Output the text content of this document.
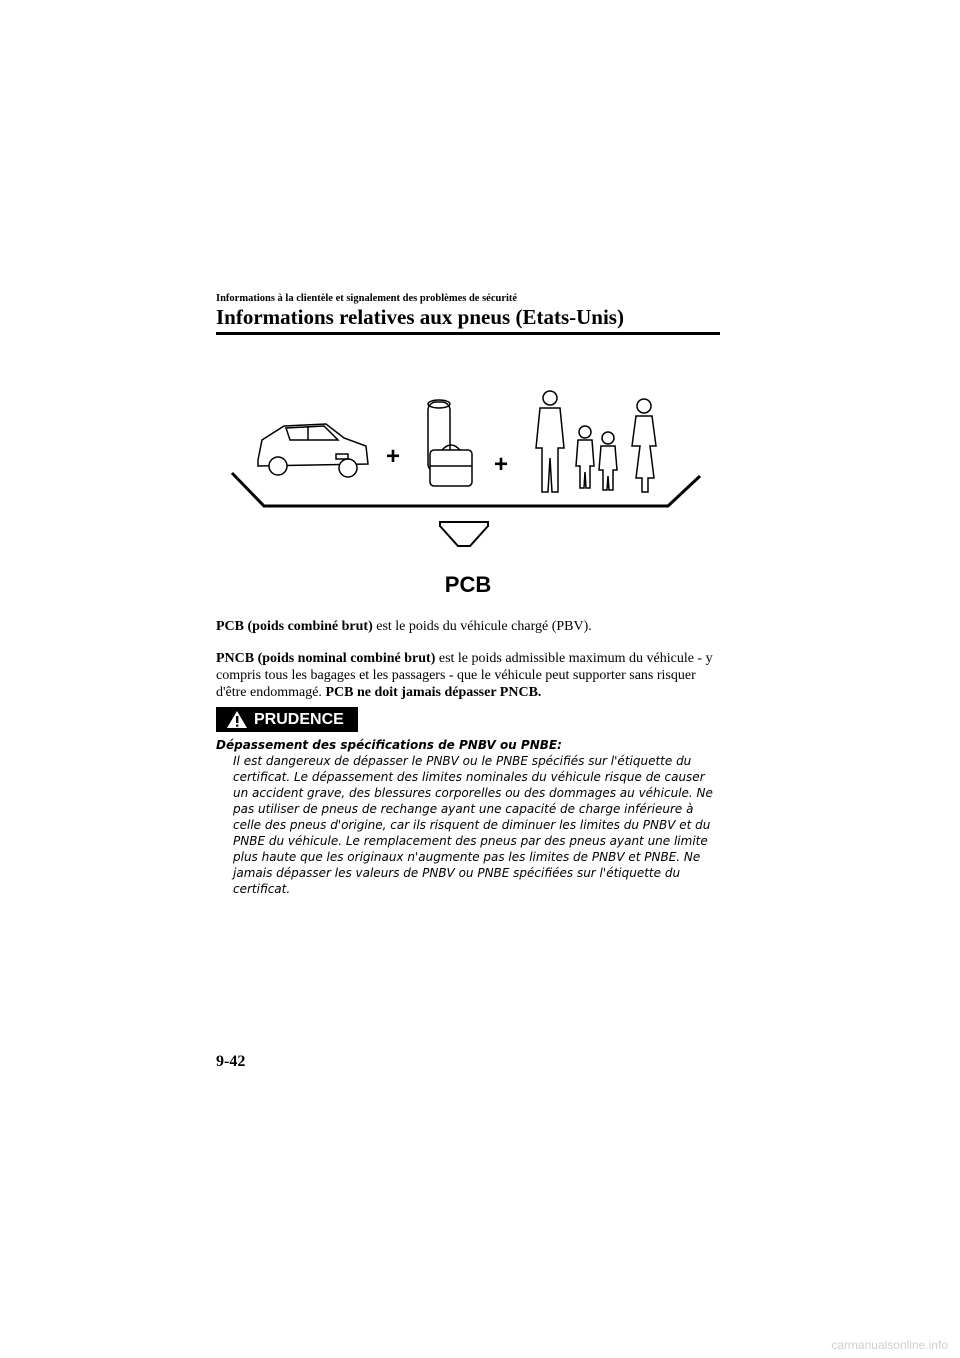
Informations à la clientèle et signalement des problèmes de sécurité
Informations relatives aux pneus (Etats-Unis)
+	+
PCB
PCB (poids combiné brut) est le poids du véhicule chargé (PBV).
PNCB (poids nominal combiné brut) est le poids admissible maximum du véhicule - y compris tous les bagages et les passagers - que le véhicule peut supporter sans risquer d'être endommagé. PCB ne doit jamais dépasser PNCB.
PRUDENCE
Dépassement des spécifications de PNBV ou PNBE:
Il est dangereux de dépasser le PNBV ou le PNBE spécifiés sur l'étiquette du certificat. Le dépassement des limites nominales du véhicule risque de causer un accident grave, des blessures corporelles ou des dommages au véhicule. Ne pas utiliser de pneus de rechange ayant une capacité de charge inférieure à celle des pneus d'origine, car ils risquent de diminuer les limites du PNBV et du PNBE du véhicule. Le remplacement des pneus par des pneus ayant une limite plus haute que les originaux n'augmente pas les limites de PNBV et PNBE. Ne jamais dépasser les valeurs de PNBV ou PNBE spécifiées sur l'étiquette du certificat.
9-42
carmanualsonline.info
